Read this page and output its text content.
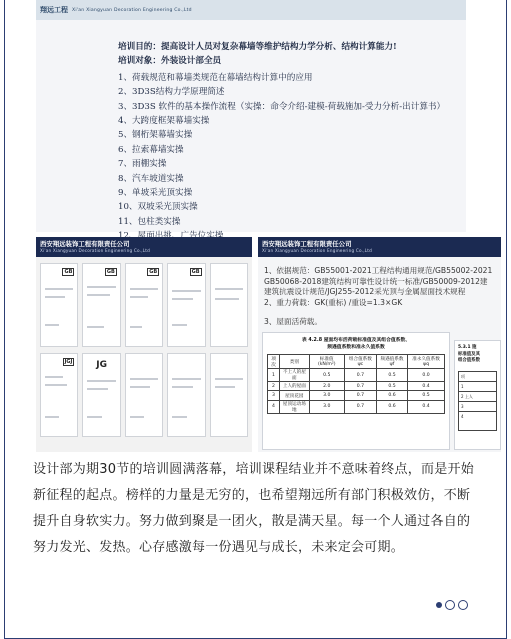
翔远工程 Xi'an Xiangyuan Decoration Engineering Co.,Ltd
培训目的：提高设计人员对复杂幕墙等维护结构力学分析、结构计算能力!
培训对象：外装设计部全员
1、荷载规范和幕墙类规范在幕墙结构计算中的应用
2、3D3S结构力学原理简述
3、3D3S 软件的基本操作流程（实操：命令介绍-建模-荷载施加-受力分析-出计算书）
4、大跨度框架幕墙实操
5、钢桁架幕墙实操
6、拉索幕墙实操
7、雨棚实操
8、汽车坡道实操
9、单坡采光顶实操
10、双坡采光顶实操
11、包柱类实操
西安翔远装饰工程有限责任公司
Xi'an Xiangyuan Decoration Engineering Co.,Ltd
GB	GB	GB	GB
JGJ	JG
西安翔远装饰工程有限责任公司
Xi'an Xiangyuan Decoration Engineering Co.,Ltd
1、依据规范：GB55001-2021工程结构通用规范/GB55002-2021
GB50068-2018建筑结构可靠性设计统一标准/GB50009-2012建
建筑抗震设计规范/JGJ255-2012采光顶与金属屋面技术规程
2、重力荷载：GK(重标) /重设=1.3×GK
3、屋面活荷载。
表 4.2.8 屋面均布活荷载标准值及其组合值系数、
频遇值系数和准永久值系数
项次	类别	标准值 (kN/m²)	组合值系数 ψc	频遇值系数 ψf	准永久值系数 ψq
1	不上人的屋面	0.5	0.7	0.5	0.0
2	上人的屋面	2.0	0.7	0.5	0.4
3	屋顶花园	3.0	0.7	0.6	0.5
4	屋顶运动场地	3.0	0.7	0.6	0.4
5.3.1 施
标准值及其
组合值系数
项
1
2 上人
3
4
设计部为期30节的培训圆满落幕，培训课程结业并不意味着终点，而是开始新征程的起点。榜样的力量是无穷的，也希望翔远所有部门积极效仿，不断提升自身软实力。努力做到聚是一团火，散是满天星。每一个人通过各自的努力发光、发热。心存感激每一份遇见与成长，未来定会可期。
